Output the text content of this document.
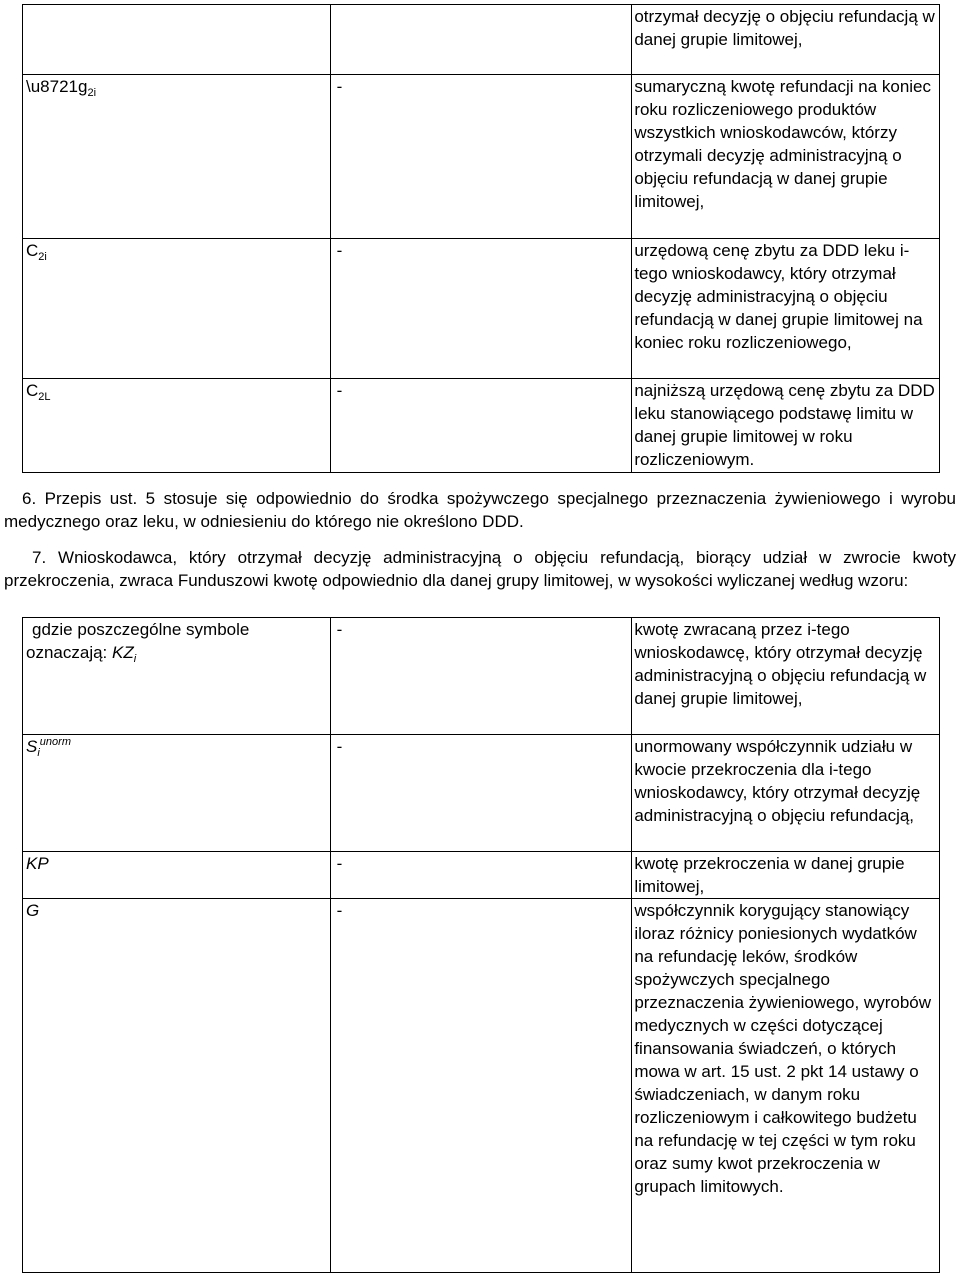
		otrzymał decyzję o objęciu refundacją w danej grupie limitowej,
$\backslash u8721g_{2i}$	-	sumaryczną kwotę refundacji na koniec roku rozliczeniowego produktów wszystkich wnioskodawców, którzy otrzymali decyzję administracyjną o objęciu refundacją w danej grupie limitowej,
$C_{2i}$	-	urzędową cenę zbytu za DDD leku i-tego wnioskodawcy, który otrzymał decyzję administracyjną o objęciu refundacją w danej grupie limitowej na koniec roku rozliczeniowego,
$C_{2L}$	-	najniższą urzędową cenę zbytu za DDD leku stanowiącego podstawę limitu w danej grupie limitowej w roku rozliczeniowym.

6. Przepis ust. 5 stosuje się odpowiednio do środka spożywczego specjalnego przeznaczenia żywieniowego i wyrobu medycznego oraz leku, w odniesieniu do którego nie określono DDD.

7. Wnioskodawca, który otrzymał decyzję administracyjną o objęciu refundacją, biorący udział w zwrocie kwoty przekroczenia, zwraca Funduszowi kwotę odpowiednio dla danej grupy limitowej, w wysokości wyliczanej według wzoru:

gdzie poszczególne symbole oznaczają: $KZ_i$	-	kwotę zwracaną przez i-tego wnioskodawcę, który otrzymał decyzję administracyjną o objęciu refundacją w danej grupie limitowej,
$S_i^{unorm}$	-	unormowany współczynnik udziału w kwocie przekroczenia dla i-tego wnioskodawcy, który otrzymał decyzję administracyjną o objęciu refundacją,
KP	-	kwotę przekroczenia w danej grupie limitowej,
G	-	współczynnik korygujący stanowiący iloraz różnicy poniesionych wydatków na refundację leków, środków spożywczych specjalnego przeznaczenia żywieniowego, wyrobów medycznych w części dotyczącej finansowania świadczeń, o których mowa w art. 15 ust. 2 pkt 14 ustawy o świadczeniach, w danym roku rozliczeniowym i całkowitego budżetu na refundację w tej części w tym roku oraz sumy kwot przekroczenia w grupach limitowych.
